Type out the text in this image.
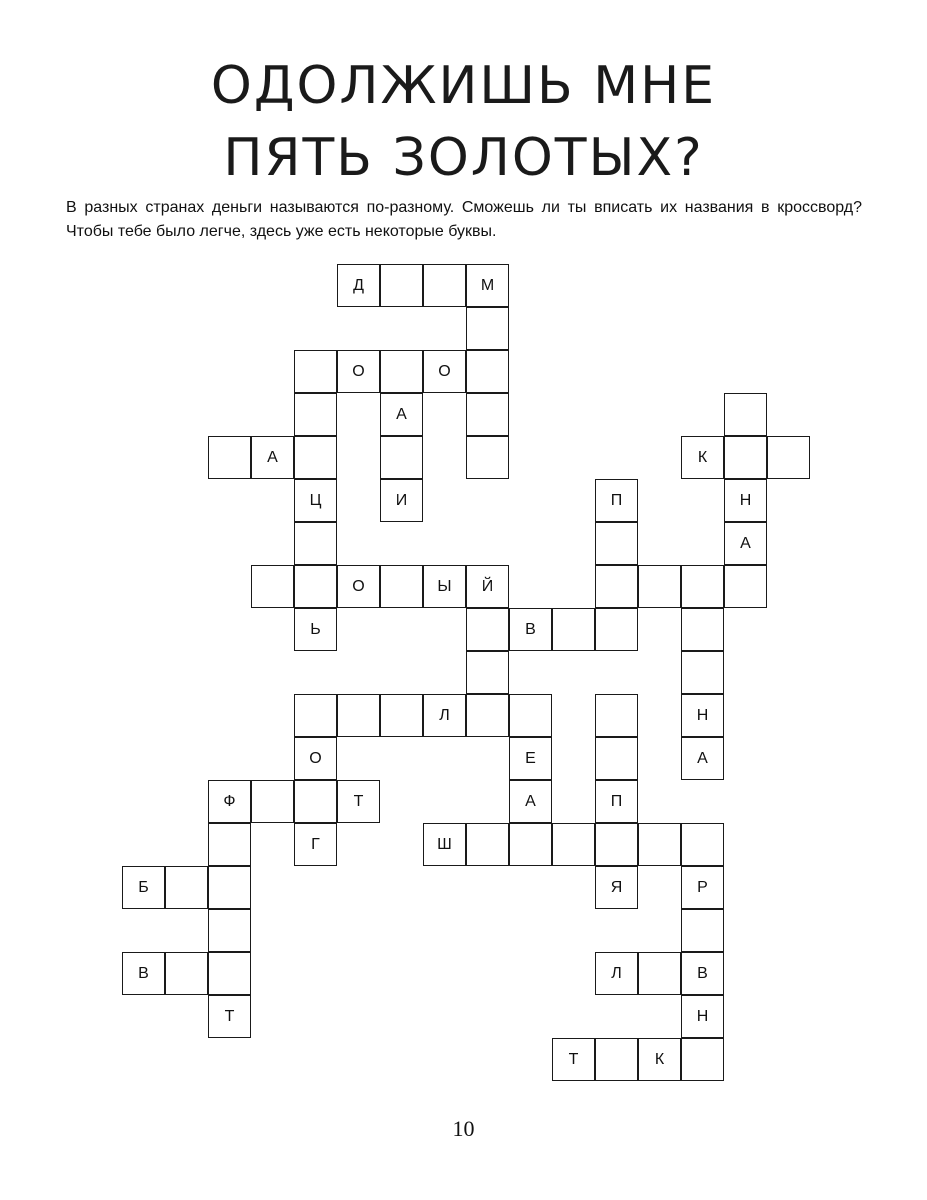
ОДОЛЖИШЬ МНЕ
ПЯТЬ ЗОЛОТЫХ?

В разных странах деньги называются по-разному. Сможешь ли ты вписать их названия в кроссворд? Чтобы тебе было легче, здесь уже есть некоторые буквы.

Д	М
О	О
А
А	К
Ц	И	П	Н
А
О	Ы	Й
Ь	В
Л	Н
О	Е	А
Ф	Т	А	П
Г	Ш
Б	Я	Р
В	Л	В
Т	Н
Т	К
10
